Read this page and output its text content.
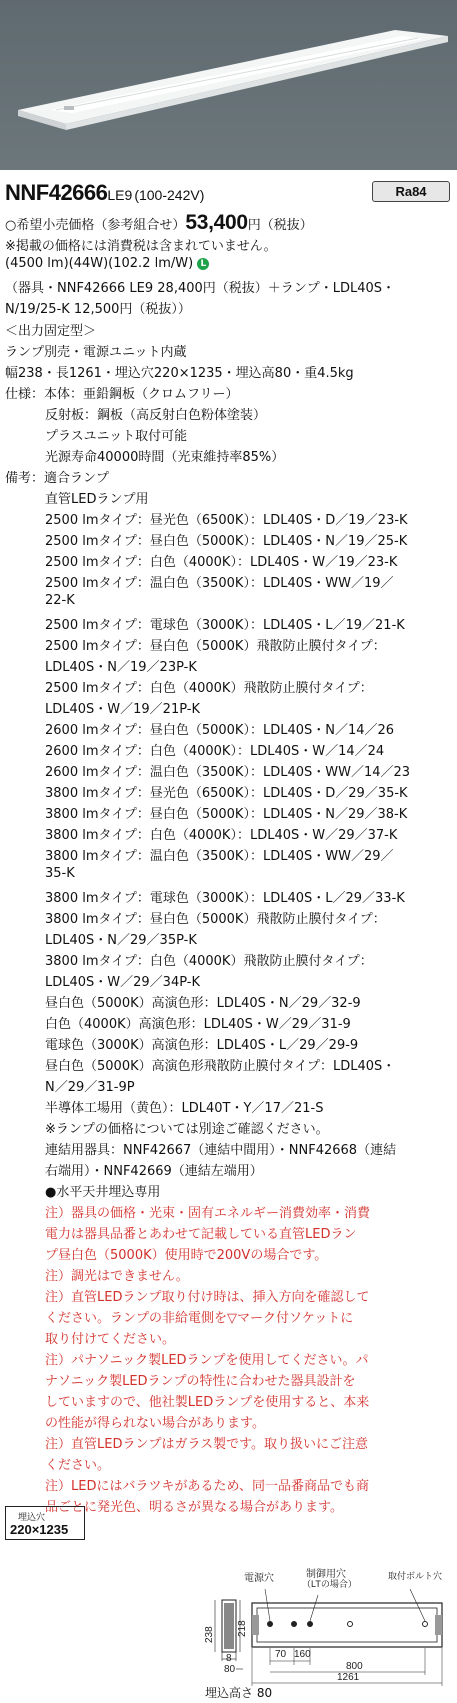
NNF42666LE9 (100-242V)	Ra84
○希望小売価格（参考組合せ）53,400円（税抜）
※掲載の価格には消費税は含まれていません。
(4500 lm)(44W)(102.2 lm/W) L
（器具・NNF42666 LE9 28,400円（税抜）＋ランプ・LDL40S・
N/19/25-K 12,500円（税抜））
＜出力固定型＞
ランプ別売・電源ユニット内蔵
幅238・長1261・埋込穴220×1235・埋込高80・重4.5kg
仕様：本体：亜鉛鋼板（クロムフリー）
反射板：鋼板（高反射白色粉体塗装）
プラスユニット取付可能
光源寿命40000時間（光束維持率85%）
備考：適合ランプ
直管LEDランプ用
2500 lmタイプ：昼光色（6500K）：LDL40S・D／19／23-K
2500 lmタイプ：昼白色（5000K）：LDL40S・N／19／25-K
2500 lmタイプ：白色（4000K）：LDL40S・W／19／23-K
2500 lmタイプ：温白色（3500K）：LDL40S・WW／19／
22-K
2500 lmタイプ：電球色（3000K）：LDL40S・L／19／21-K
2500 lmタイプ：昼白色（5000K）飛散防止膜付タイプ：
LDL40S・N／19／23P-K
2500 lmタイプ：白色（4000K）飛散防止膜付タイプ：
LDL40S・W／19／21P-K
2600 lmタイプ：昼白色（5000K）：LDL40S・N／14／26
2600 lmタイプ：白色（4000K）：LDL40S・W／14／24
2600 lmタイプ：温白色（3500K）：LDL40S・WW／14／23
3800 lmタイプ：昼光色（6500K）：LDL40S・D／29／35-K
3800 lmタイプ：昼白色（5000K）：LDL40S・N／29／38-K
3800 lmタイプ：白色（4000K）：LDL40S・W／29／37-K
3800 lmタイプ：温白色（3500K）：LDL40S・WW／29／
35-K
3800 lmタイプ：電球色（3000K）：LDL40S・L／29／33-K
3800 lmタイプ：昼白色（5000K）飛散防止膜付タイプ：
LDL40S・N／29／35P-K
3800 lmタイプ：白色（4000K）飛散防止膜付タイプ：
LDL40S・W／29／34P-K
昼白色（5000K）高演色形：LDL40S・N／29／32-9
白色（4000K）高演色形：LDL40S・W／29／31-9
電球色（3000K）高演色形：LDL40S・L／29／29-9
昼白色（5000K）高演色形飛散防止膜付タイプ：LDL40S・
N／29／31-9P
半導体工場用（黄色）：LDL40T・Y／17／21-S
※ランプの価格については別途ご確認ください。
連結用器具：NNF42667（連結中間用）・NNF42668（連結
右端用）・NNF42669（連結左端用）
●水平天井埋込専用
注）器具の価格・光束・固有エネルギー消費効率・消費
電力は器具品番とあわせて記載している直管LEDラン
プ昼白色（5000K）使用時で200Vの場合です。
注）調光はできません。
注）直管LEDランプ取り付け時は、挿入方向を確認して
ください。ランプの非給電側を▽マーク付ソケットに
取り付けてください。
注）パナソニック製LEDランプを使用してください。パ
ナソニック製LEDランプの特性に合わせた器具設計を
していますので、他社製LEDランプを使用すると、本来
の性能が得られない場合があります。
注）直管LEDランプはガラス製です。取り扱いにご注意
ください。
注）LEDにはバラツキがあるため、同一品番商品でも商
品ごとに発光色、明るさが異なる場合があります。
埋込穴
220×1235
電源穴	制御用穴
（LTの場合）
取付ボルト穴
238 218
8
80
70 160
800
1261
埋込高さ 80
